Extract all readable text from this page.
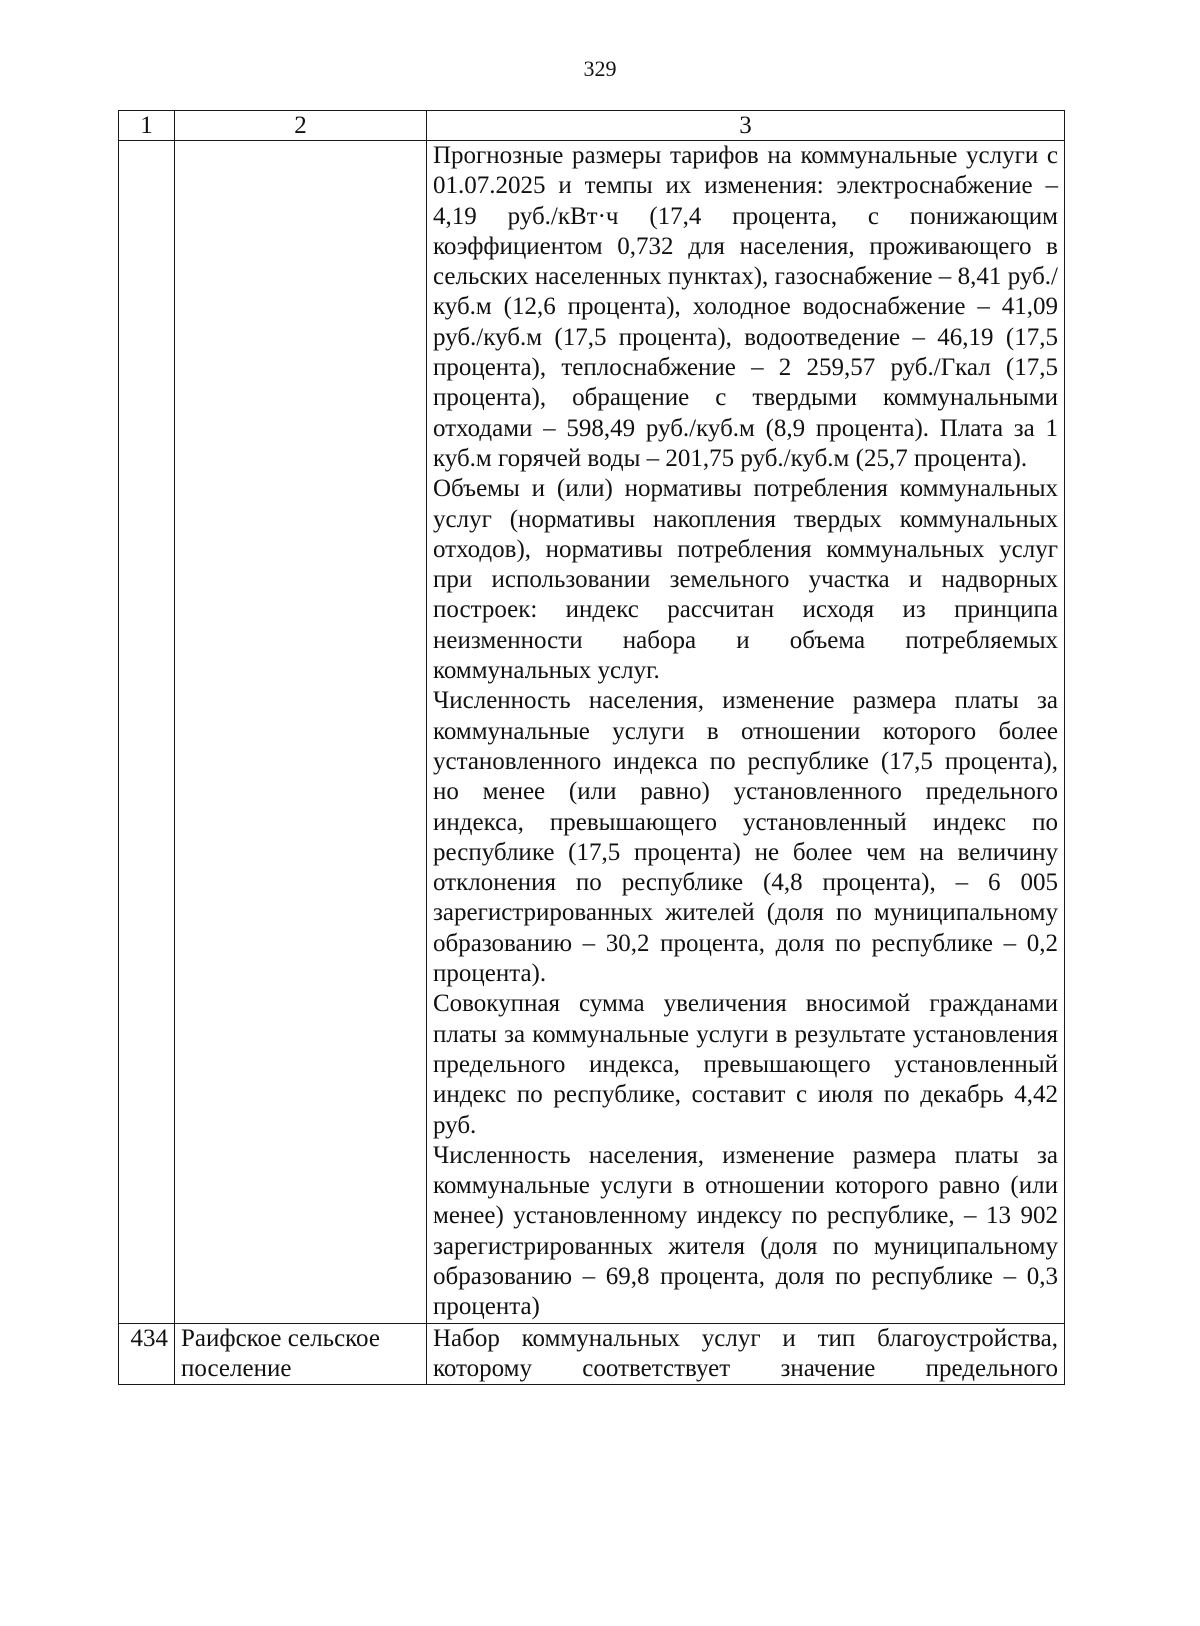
329
1	2	3

		Прогнозные размеры тарифов на коммунальные услуги с 01.07.2025 и темпы их изменения: электроснабжение – 4,19 руб./кВт·ч (17,4 процента, с понижающим коэффициентом 0,732 для населения, проживающего в сельских населенных пунктах), газоснабжение – 8,41 руб./куб.м (12,6 процента), холодное водоснабжение – 41,09 руб./куб.м (17,5 процента), водоотведение – 46,19 (17,5 процента), теплоснабжение – 2 259,57 руб./Гкал (17,5 процента), обращение с твердыми коммунальными отходами – 598,49 руб./куб.м (8,9 процента). Плата за 1 куб.м горячей воды – 201,75 руб./куб.м (25,7 процента).
Объемы и (или) нормативы потребления коммунальных услуг (нормативы накопления твердых коммунальных отходов), нормативы потребления коммунальных услуг при использовании земельного участка и надворных построек: индекс рассчитан исходя из принципа неизменности набора и объема потребляемых коммунальных услуг.
Численность населения, изменение размера платы за коммунальные услуги в отношении которого более установленного индекса по республике (17,5 процента), но менее (или равно) установленного предельного индекса, превышающего установленный индекс по республике (17,5 процента) не более чем на величину отклонения по республике (4,8 процента), – 6 005 зарегистрированных жителей (доля по муниципальному образованию – 30,2 процента, доля по республике – 0,2 процента).
Совокупная сумма увеличения вносимой гражданами платы за коммунальные услуги в результате установления предельного индекса, превышающего установленный индекс по республике, составит с июля по декабрь 4,42 руб.
Численность населения, изменение размера платы за коммунальные услуги в отношении которого равно (или менее) установленному индексу по республике, – 13 902 зарегистрированных жителя (доля по муниципальному образованию – 69,8 процента, доля по республике – 0,3 процента)

434	Раифское сельское поселение	Набор коммунальных услуг и тип благоустройства, которому соответствует значение предельного
